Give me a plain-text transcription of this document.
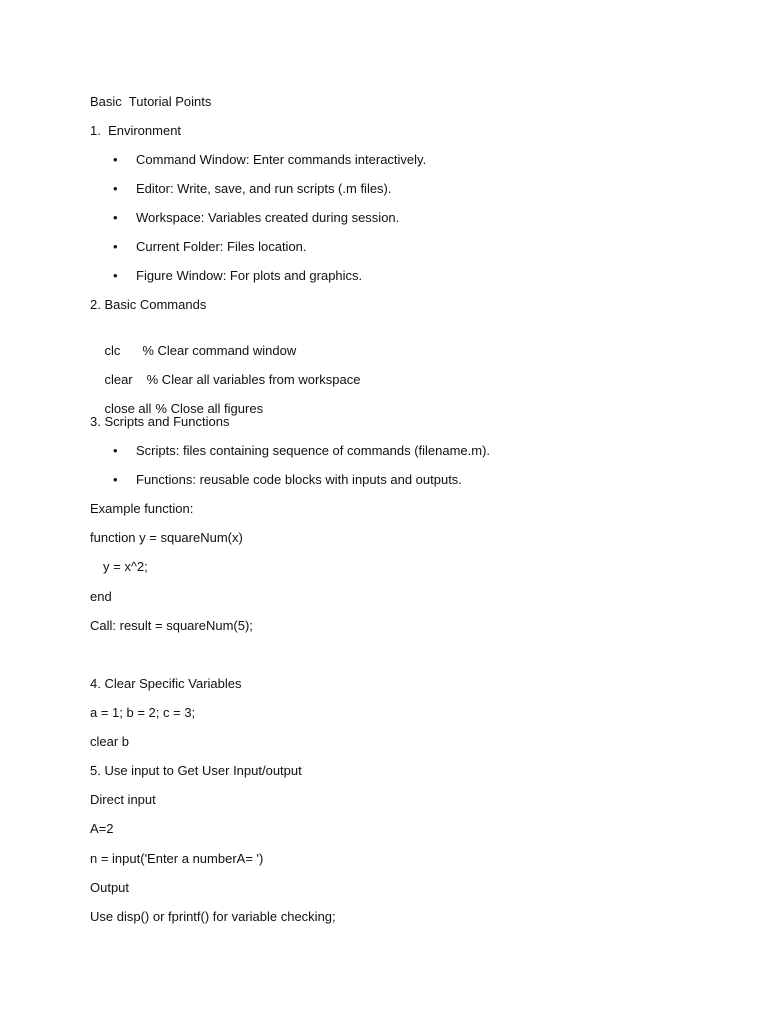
Basic  Tutorial Points
1.  Environment
• Command Window: Enter commands interactively.
• Editor: Write, save, and run scripts (.m files).
• Workspace: Variables created during session.
• Current Folder: Files location.
• Figure Window: For plots and graphics.
2. Basic Commands

clc % Clear command window

clear % Clear all variables from workspace

close all % Close all figures

3. Scripts and Functions
• Scripts: files containing sequence of commands (filename.m).
• Functions: reusable code blocks with inputs and outputs.
Example function:
function y = squareNum(x)
y = x^2;
end
Call: result = squareNum(5);
4. Clear Specific Variables
a = 1; b = 2; c = 3;
clear b
5. Use input to Get User Input/output
Direct input
A=2
n = input('Enter a numberA= ')
Output
Use disp() or fprintf() for variable checking;
